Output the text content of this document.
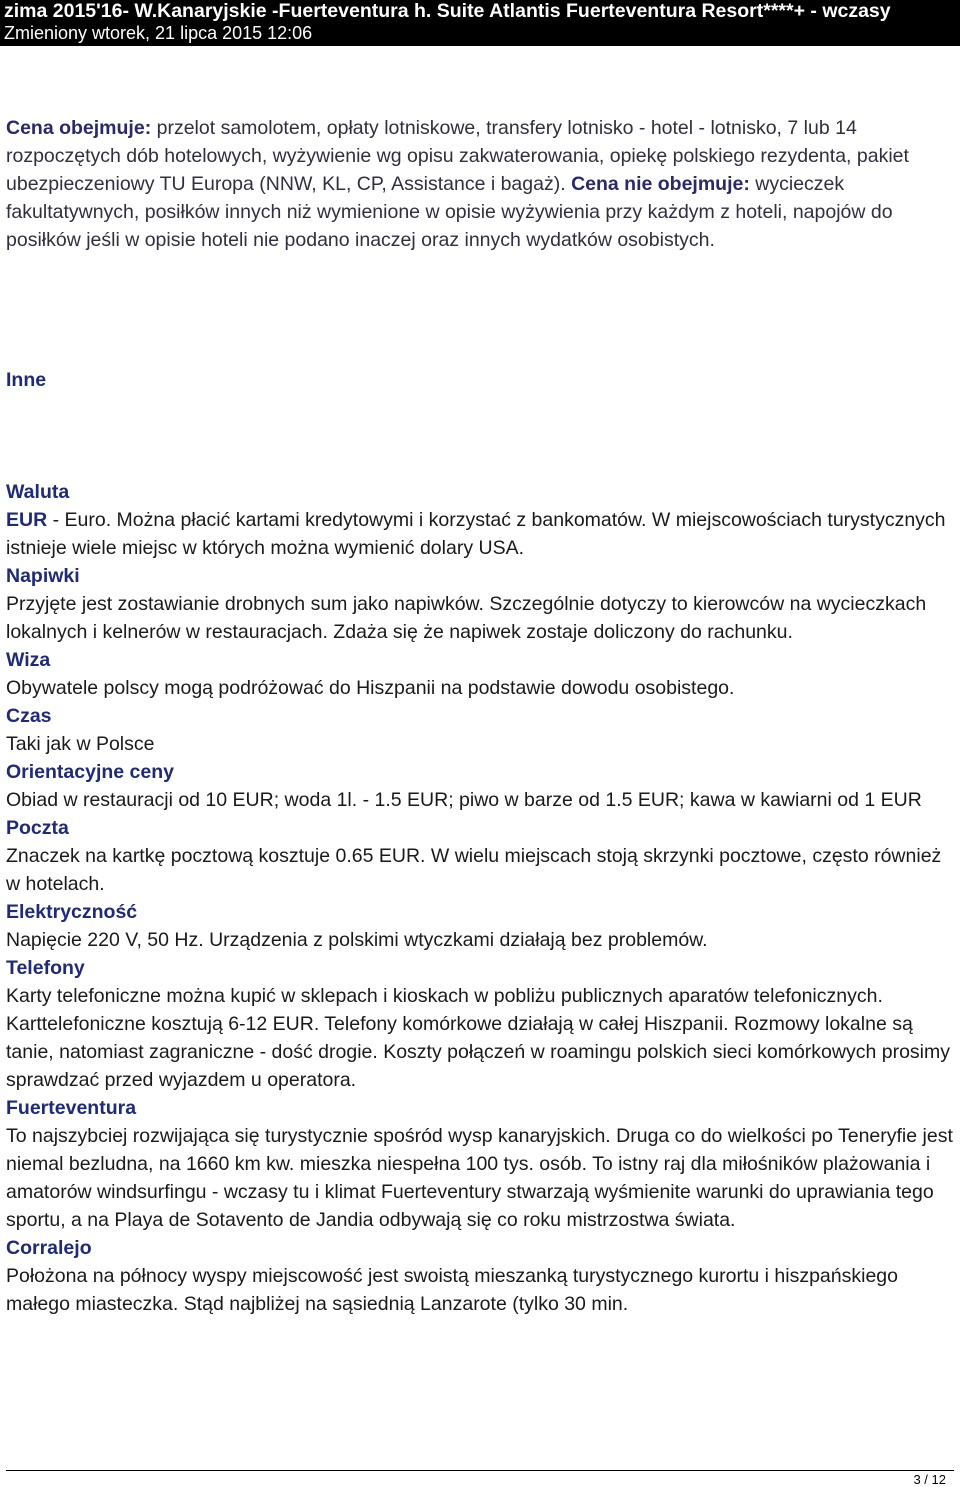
zima 2015'16- W.Kanaryjskie -Fuerteventura h. Suite Atlantis Fuerteventura Resort****+ - wczasy
Zmieniony wtorek, 21 lipca 2015 12:06

Cena obejmuje: przelot samolotem, opłaty lotniskowe, transfery lotnisko - hotel - lotnisko, 7 lub 14 rozpoczętych dób hotelowych, wyżywienie wg opisu zakwaterowania, opiekę polskiego rezydenta, pakiet ubezpieczeniowy TU Europa (NNW, KL, CP, Assistance i bagaż). Cena nie obejmuje: wycieczek fakultatywnych, posiłków innych niż wymienione w opisie wyżywienia przy każdym z hoteli, napojów do posiłków jeśli w opisie hoteli nie podano inaczej oraz innych wydatków osobistych.

Inne
Waluta
EUR - Euro. Można płacić kartami kredytowymi i korzystać z bankomatów. W miejscowościach turystycznych istnieje wiele miejsc w których można wymienić dolary USA.
Napiwki
Przyjęte jest zostawianie drobnych sum jako napiwków. Szczególnie dotyczy to kierowców na wycieczkach lokalnych i kelnerów w restauracjach. Zdaża się że napiwek zostaje doliczony do rachunku.
Wiza
Obywatele polscy mogą podróżować do Hiszpanii na podstawie dowodu osobistego.
Czas
Taki jak w Polsce
Orientacyjne ceny
Obiad w restauracji od 10 EUR; woda 1l. - 1.5 EUR; piwo w barze od 1.5 EUR; kawa w kawiarni od 1 EUR
Poczta
Znaczek na kartkę pocztową kosztuje 0.65 EUR. W wielu miejscach stoją skrzynki pocztowe, często również w hotelach.
Elektryczność
Napięcie 220 V, 50 Hz. Urządzenia z polskimi wtyczkami działają bez problemów.
Telefony
Karty telefoniczne można kupić w sklepach i kioskach w pobliżu publicznych aparatów telefonicznych. Karttelefoniczne kosztują 6-12 EUR. Telefony komórkowe działają w całej Hiszpanii. Rozmowy lokalne są tanie, natomiast zagraniczne - dość drogie. Koszty połączeń w roamingu polskich sieci komórkowych prosimy sprawdzać przed wyjazdem u operatora.
Fuerteventura
To najszybciej rozwijająca się turystycznie spośród wysp kanaryjskich. Druga co do wielkości po Teneryfie jest niemal bezludna, na 1660 km kw. mieszka niespełna 100 tys. osób. To istny raj dla miłośników plażowania i amatorów windsurfingu - wczasy tu i klimat Fuerteventury stwarzają wyśmienite warunki do uprawiania tego sportu, a na Playa de Sotavento de Jandia odbywają się co roku mistrzostwa świata.
Corralejo
Położona na północy wyspy miejscowość jest swoistą mieszanką turystycznego kurortu i hiszpańskiego małego miasteczka. Stąd najbliżej na sąsiednią Lanzarote (tylko 30 min.
3 / 12
